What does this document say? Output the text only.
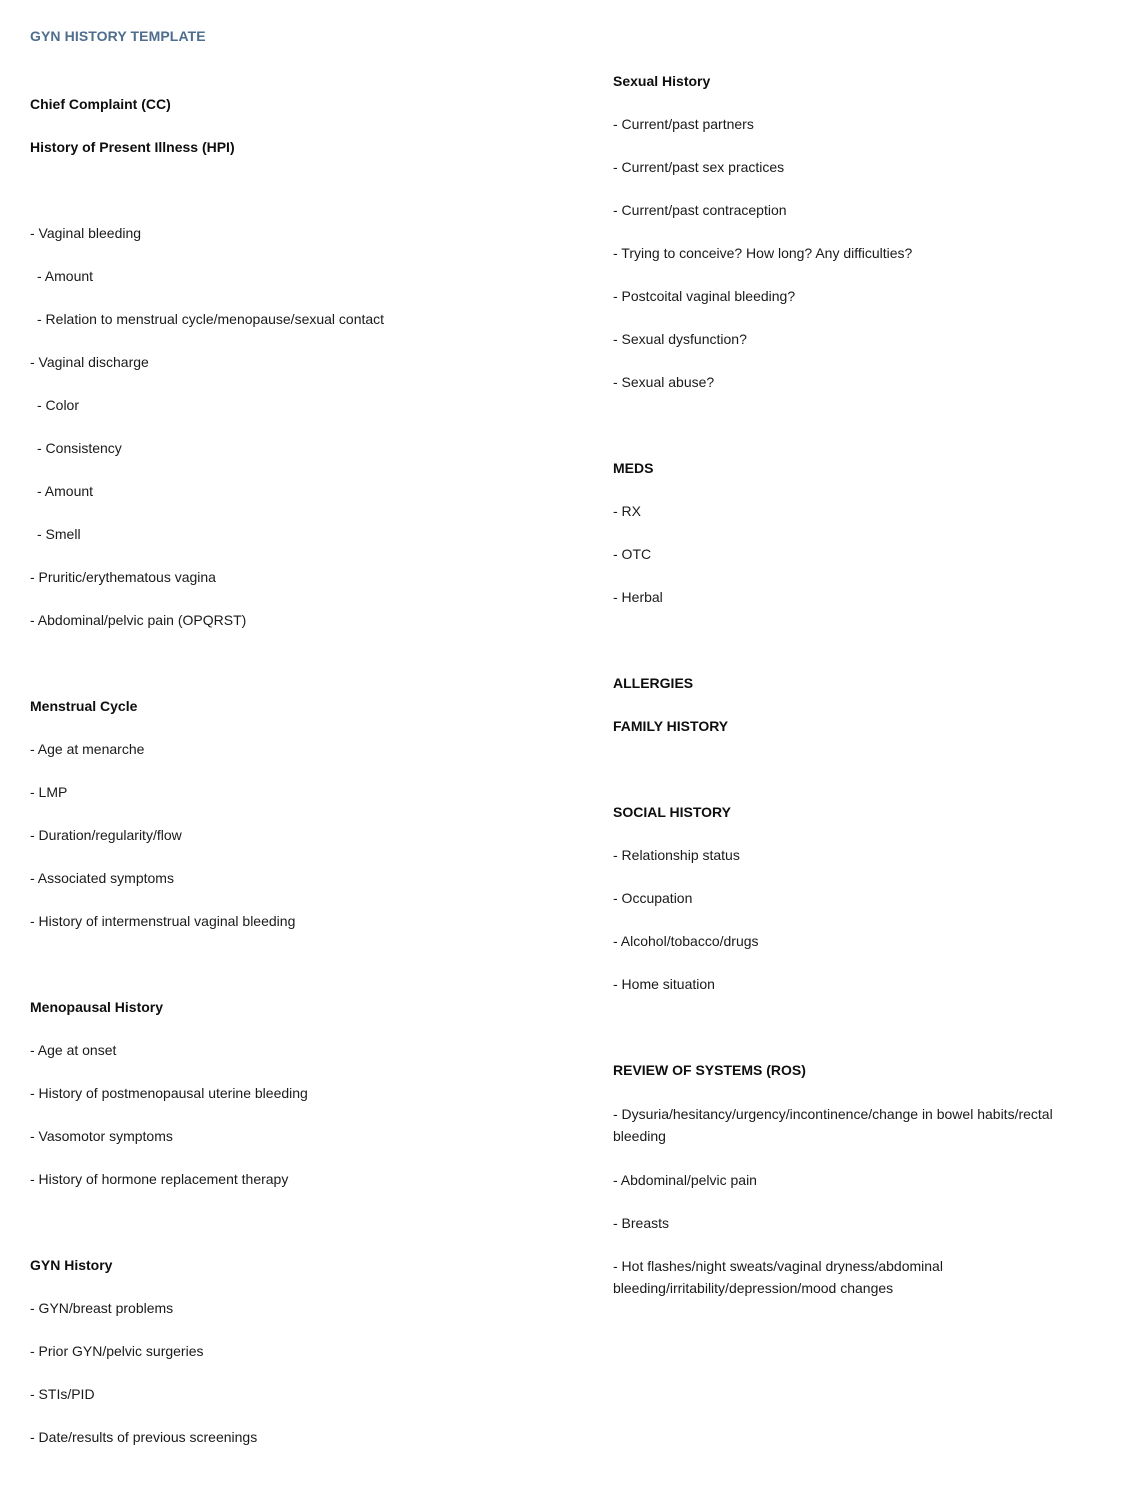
GYN HISTORY TEMPLATE
Chief Complaint (CC)
History of Present Illness (HPI)
- Vaginal bleeding
- Amount
- Relation to menstrual cycle/menopause/sexual contact
- Vaginal discharge
- Color
- Consistency
- Amount
- Smell
- Pruritic/erythematous vagina
- Abdominal/pelvic pain (OPQRST)
Menstrual Cycle
- Age at menarche
- LMP
- Duration/regularity/flow
- Associated symptoms
- History of intermenstrual vaginal bleeding
Menopausal History
- Age at onset
- History of postmenopausal uterine bleeding
- Vasomotor symptoms
- History of hormone replacement therapy
GYN History
- GYN/breast problems
- Prior GYN/pelvic surgeries
- STIs/PID
- Date/results of previous screenings
Sexual History
- Current/past partners
- Current/past sex practices
- Current/past contraception
- Trying to conceive? How long? Any difficulties?
- Postcoital vaginal bleeding?
- Sexual dysfunction?
- Sexual abuse?
MEDS
- RX
- OTC
- Herbal
ALLERGIES
FAMILY HISTORY
SOCIAL HISTORY
- Relationship status
- Occupation
- Alcohol/tobacco/drugs
- Home situation
REVIEW OF SYSTEMS (ROS)
- Dysuria/hesitancy/urgency/incontinence/change in bowel habits/rectal bleeding
- Abdominal/pelvic pain
- Breasts
- Hot flashes/night sweats/vaginal dryness/abdominal bleeding/irritability/depression/mood changes
